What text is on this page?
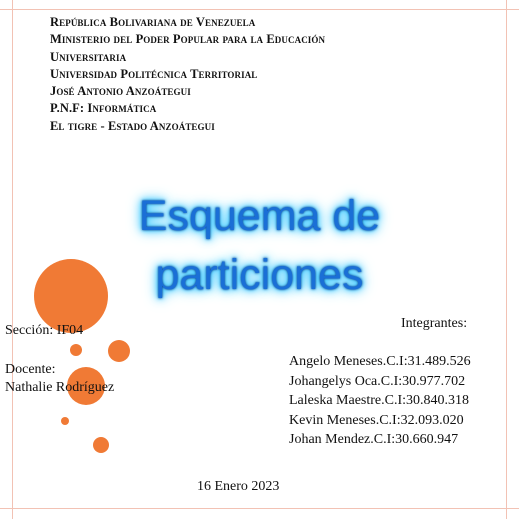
República Bolivariana de Venezuela
Ministerio del Poder Popular para la Educación
Universitaria
Universidad Politécnica Territorial
José Antonio Anzoátegui
P.N.F: Informática
El tigre - Estado Anzoátegui
Esquema de
particiones
Sección: IF04
Docente:
Nathalie Rodríguez
Integrantes:
Angelo Meneses.C.I:31.489.526
Johangelys Oca.C.I:30.977.702
Laleska Maestre.C.I:30.840.318
Kevin Meneses.C.I:32.093.020
Johan Mendez.C.I:30.660.947
16 Enero 2023
